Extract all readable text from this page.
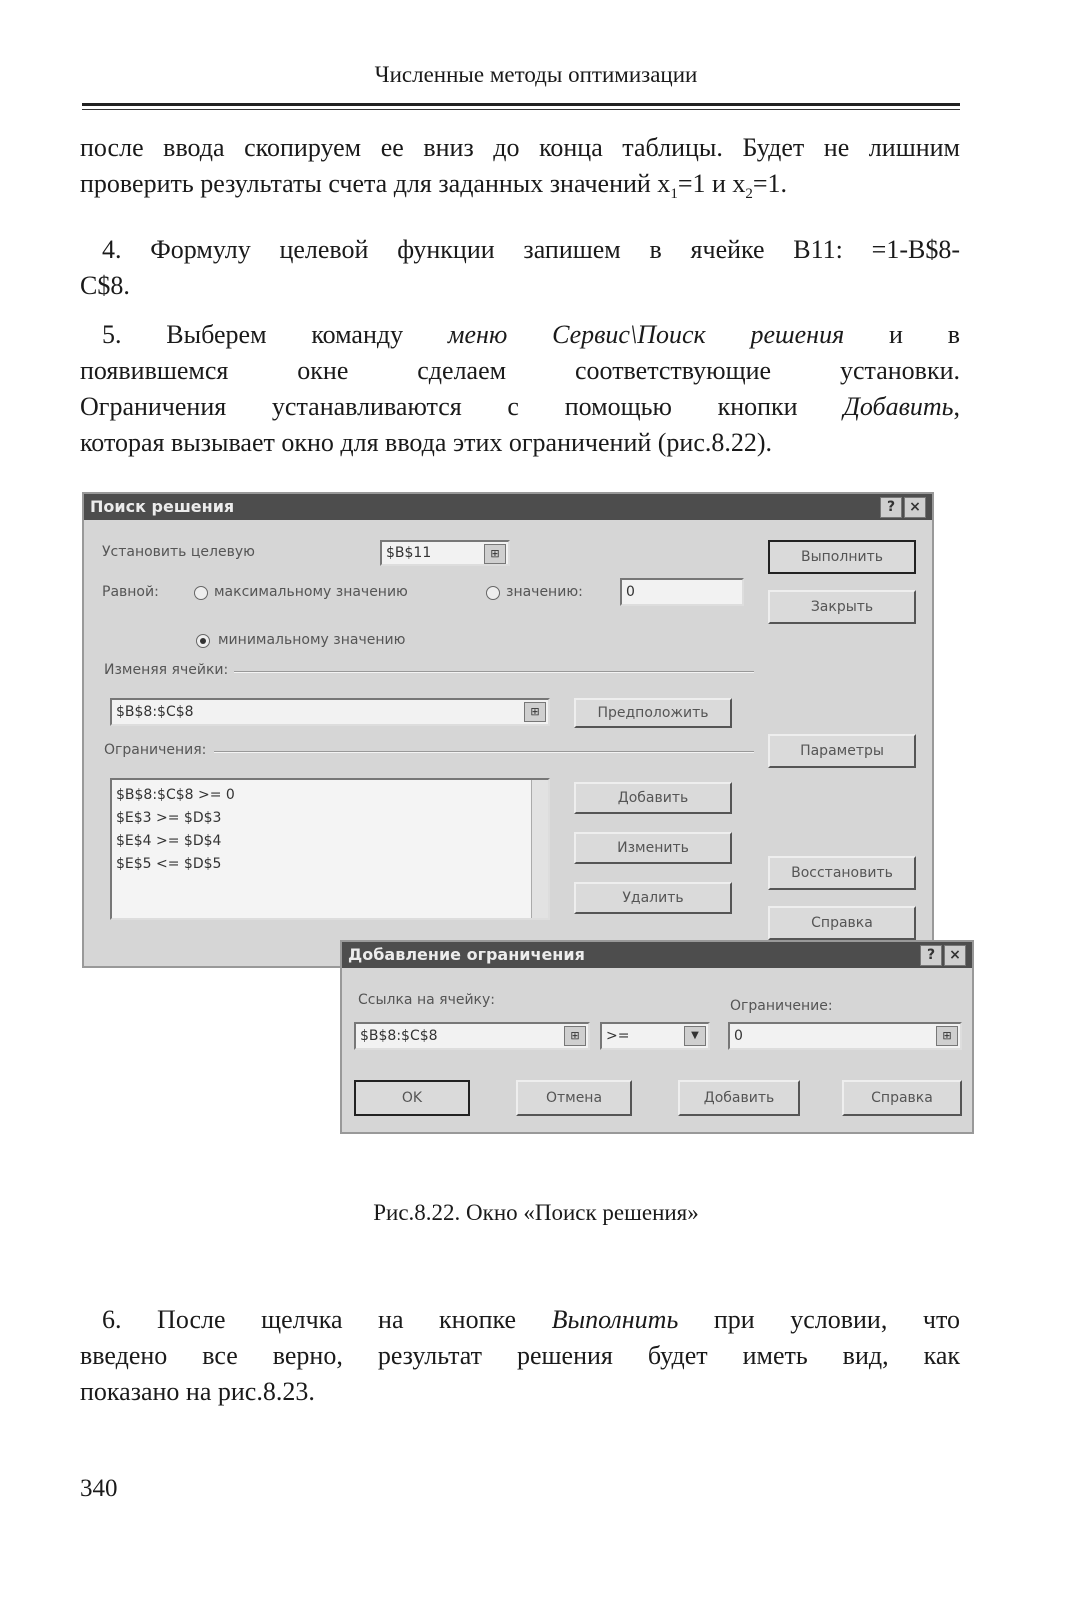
Численные методы оптимизации
после ввода скопируем ее вниз до конца таблицы. Будет не лишним
проверить результаты счета для заданных значений $x_1=1$ и $x_2=1$.
4. Формулу целевой функции запишем в ячейке B11: =1-B$8-
C$8.
5. Выберем команду меню Сервис\Поиск решения и в
появившемся окне сделаем соответствующие установки.
Ограничения устанавливаются с помощью кнопки Добавить,
которая вызывает окно для ввода этих ограничений (рис.8.22).
Поиск решения	?	×
Установить целевую	$B$11	⊞
Равной:	максимальному значению	значению:	0
минимальному значению
Изменяя ячейки:
$B$8:$C$8	⊞	Предположить
Ограничения:
$B$8:$C$8 >= 0
$E$3 >= $D$3
$E$4 >= $D$4
$E$5 <= $D$5
Добавить
Изменить
Удалить
Выполнить
Закрыть
Параметры
Восстановить
Справка
Добавление ограничения	?	×
Ссылка на ячейку:	Ограничение:
$B$8:$C$8	⊞	>=	▼	0	⊞
OK	Отмена	Добавить	Справка
Рис.8.22. Окно «Поиск решения»
6. После щелчка на кнопке Выполнить при условии, что
введено все верно, результат решения будет иметь вид, как
показано на рис.8.23.
340
